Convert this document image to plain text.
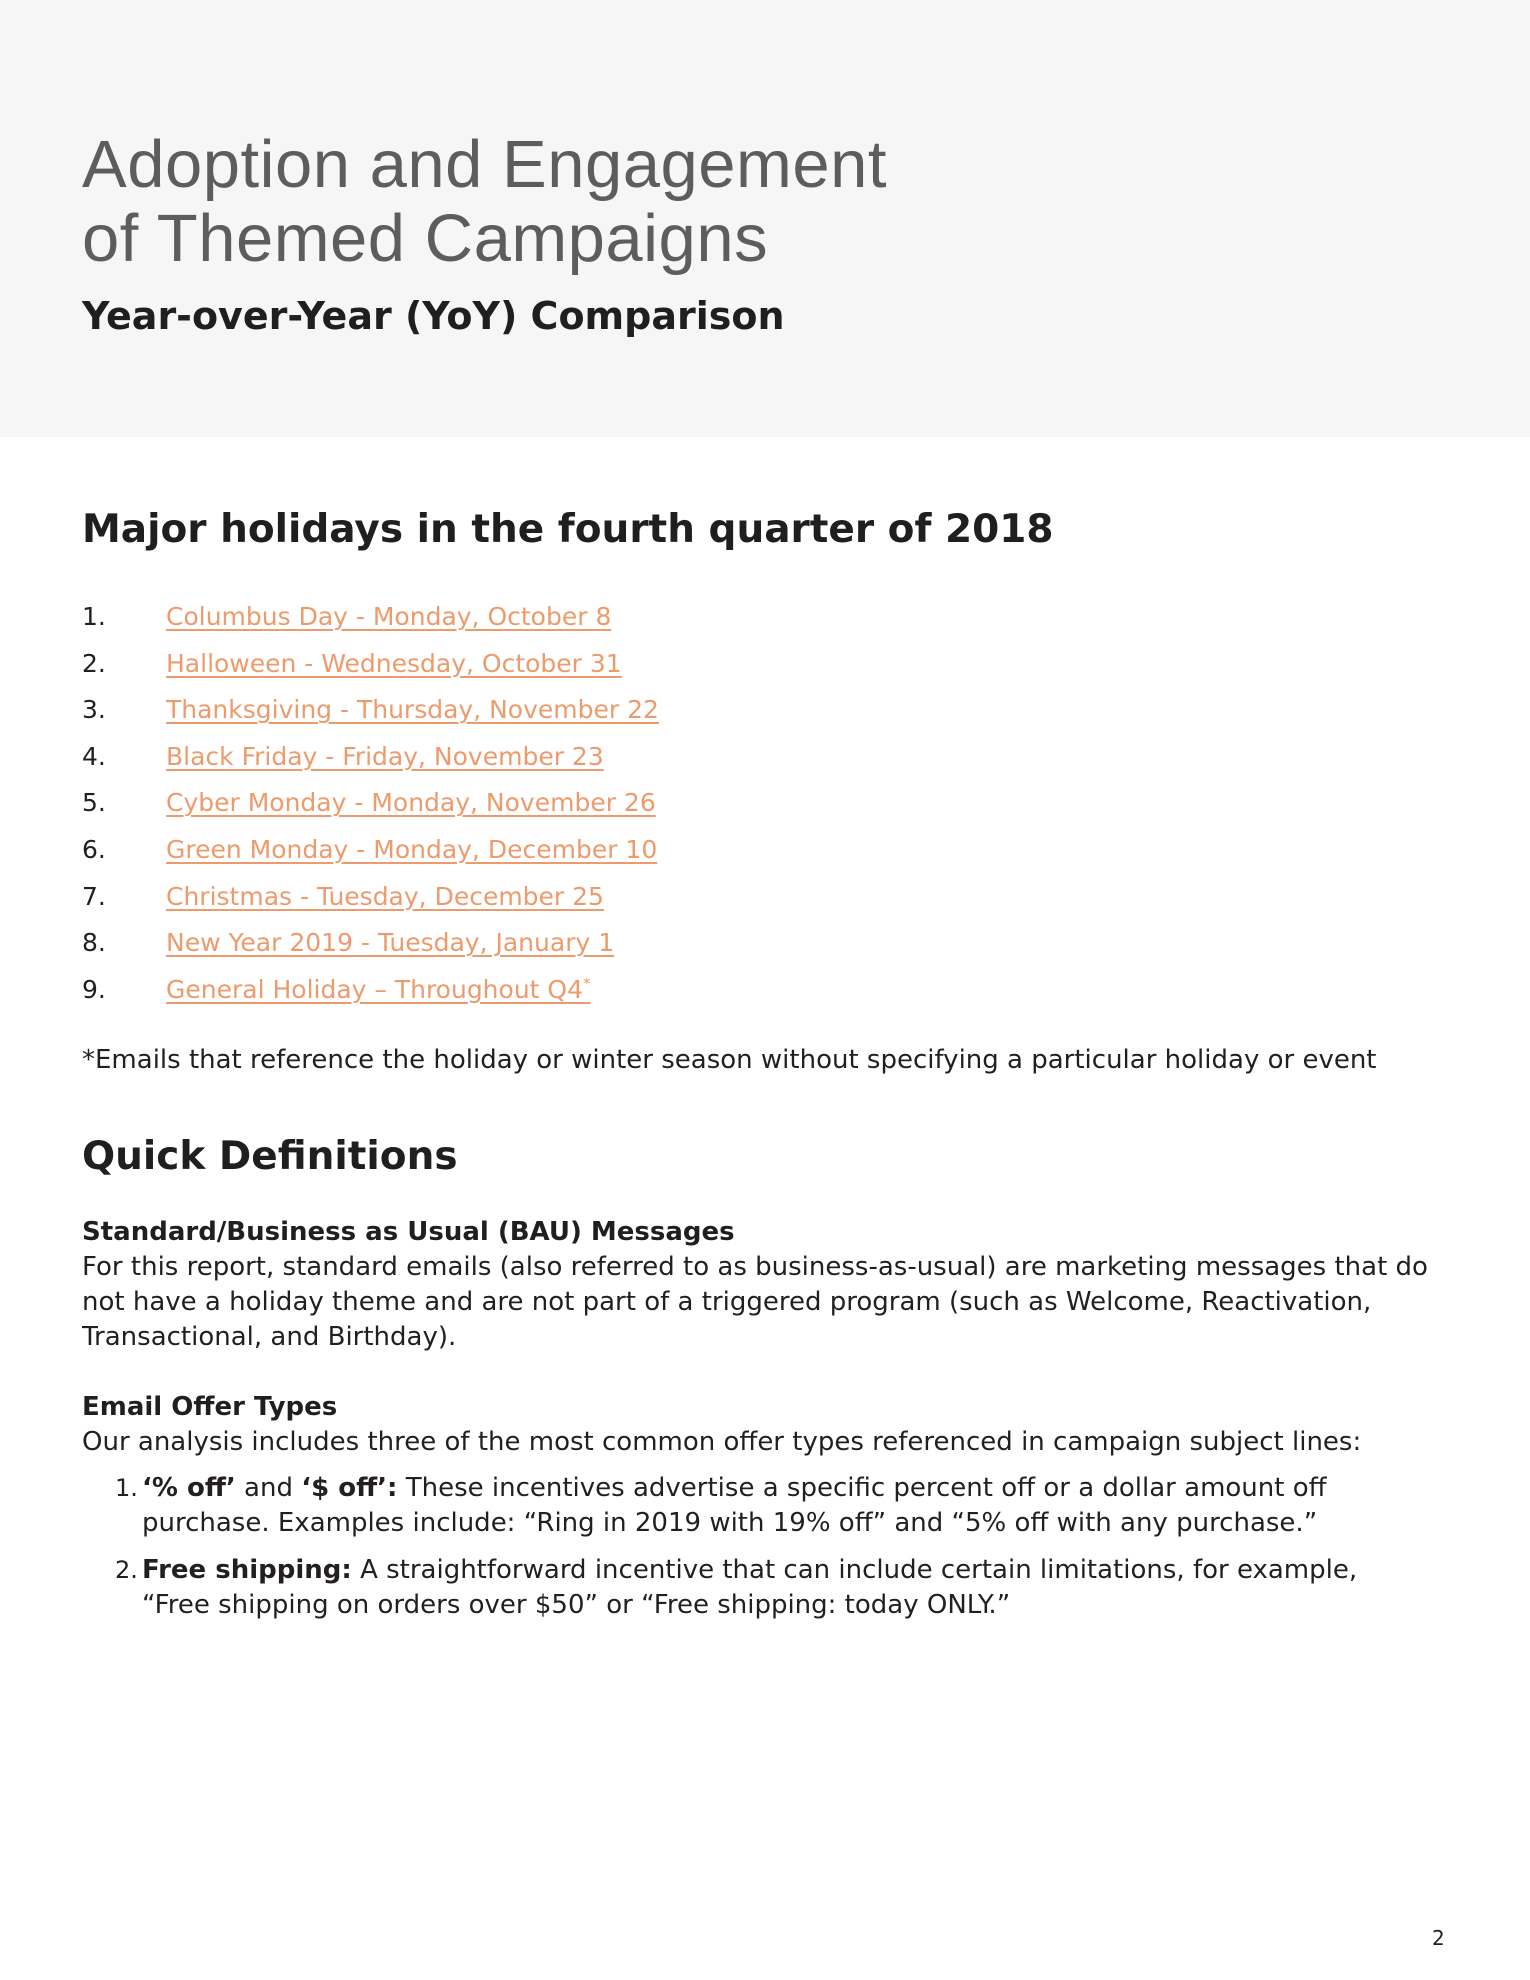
Adoption and Engagement
of Themed Campaigns
Year-over-Year (YoY) Comparison
Major holidays in the fourth quarter of 2018
1. Columbus Day - Monday, October 8
2. Halloween - Wednesday, October 31
3. Thanksgiving - Thursday, November 22
4. Black Friday - Friday, November 23
5. Cyber Monday - Monday, November 26
6. Green Monday - Monday, December 10
7. Christmas - Tuesday, December 25
8. New Year 2019 - Tuesday, January 1
9. General Holiday – Throughout Q4*

*Emails that reference the holiday or winter season without specifying a particular holiday or event

Quick Definitions
Standard/Business as Usual (BAU) Messages

For this report, standard emails (also referred to as business-as-usual) are marketing messages that do not have a holiday theme and are not part of a triggered program (such as Welcome, Reactivation, Transactional, and Birthday).

Email Offer Types

Our analysis includes three of the most common offer types referenced in campaign subject lines:

1. ‘% off’ and ‘$ off’: These incentives advertise a specific percent off or a dollar amount off purchase. Examples include: “Ring in 2019 with 19% off” and “5% off with any purchase.”
2. Free shipping: A straightforward incentive that can include certain limitations, for example, “Free shipping on orders over $50” or “Free shipping: today ONLY.”
2
